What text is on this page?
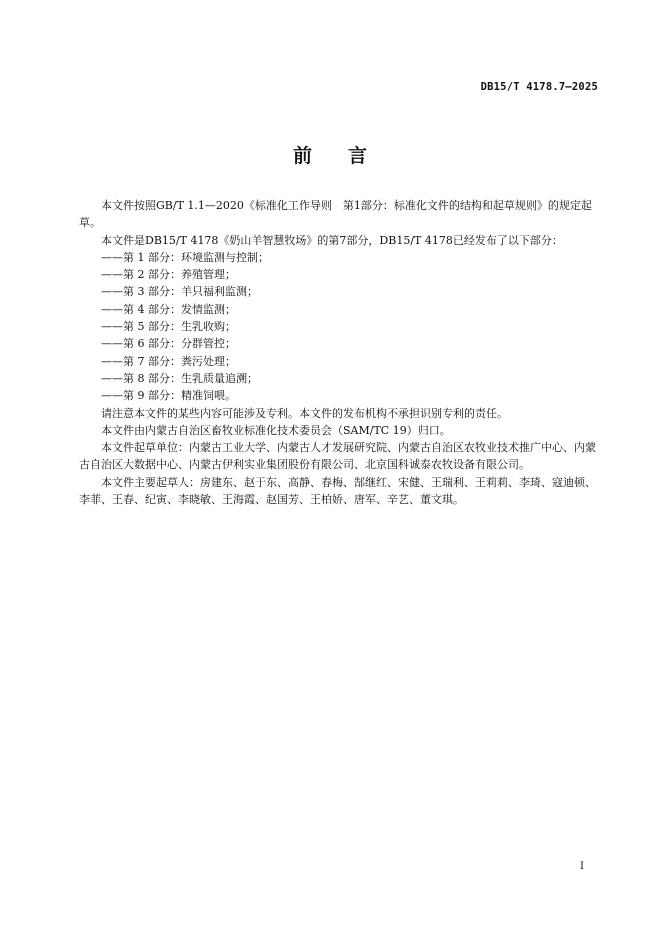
DB15/T 4178.7—2025
前 言

本文件按照GB/T 1.1—2020《标准化工作导则　第1部分：标准化文件的结构和起草规则》的规定起草。

本文件是DB15/T 4178《奶山羊智慧牧场》的第7部分，DB15/T 4178已经发布了以下部分：

——第 1 部分：环境监测与控制；

——第 2 部分：养殖管理；

——第 3 部分：羊只福利监测；

——第 4 部分：发情监测；

——第 5 部分：生乳收购；

——第 6 部分：分群管控；

——第 7 部分：粪污处理；

——第 8 部分：生乳质量追溯；

——第 9 部分：精准饲喂。

请注意本文件的某些内容可能涉及专利。本文件的发布机构不承担识别专利的责任。

本文件由内蒙古自治区畜牧业标准化技术委员会（SAM/TC 19）归口。

本文件起草单位：内蒙古工业大学、内蒙古人才发展研究院、内蒙古自治区农牧业技术推广中心、内蒙古自治区大数据中心、内蒙古伊利实业集团股份有限公司、北京国科诚泰农牧设备有限公司。

本文件主要起草人：房建东、赵于东、高静、春梅、郜继红、宋健、王瑞利、王莉莉、李琦、寇迪顿、李菲、王春、纪寅、李晓敏、王海霞、赵国芳、王柏娇、唐军、辛艺、董文琪。

I
